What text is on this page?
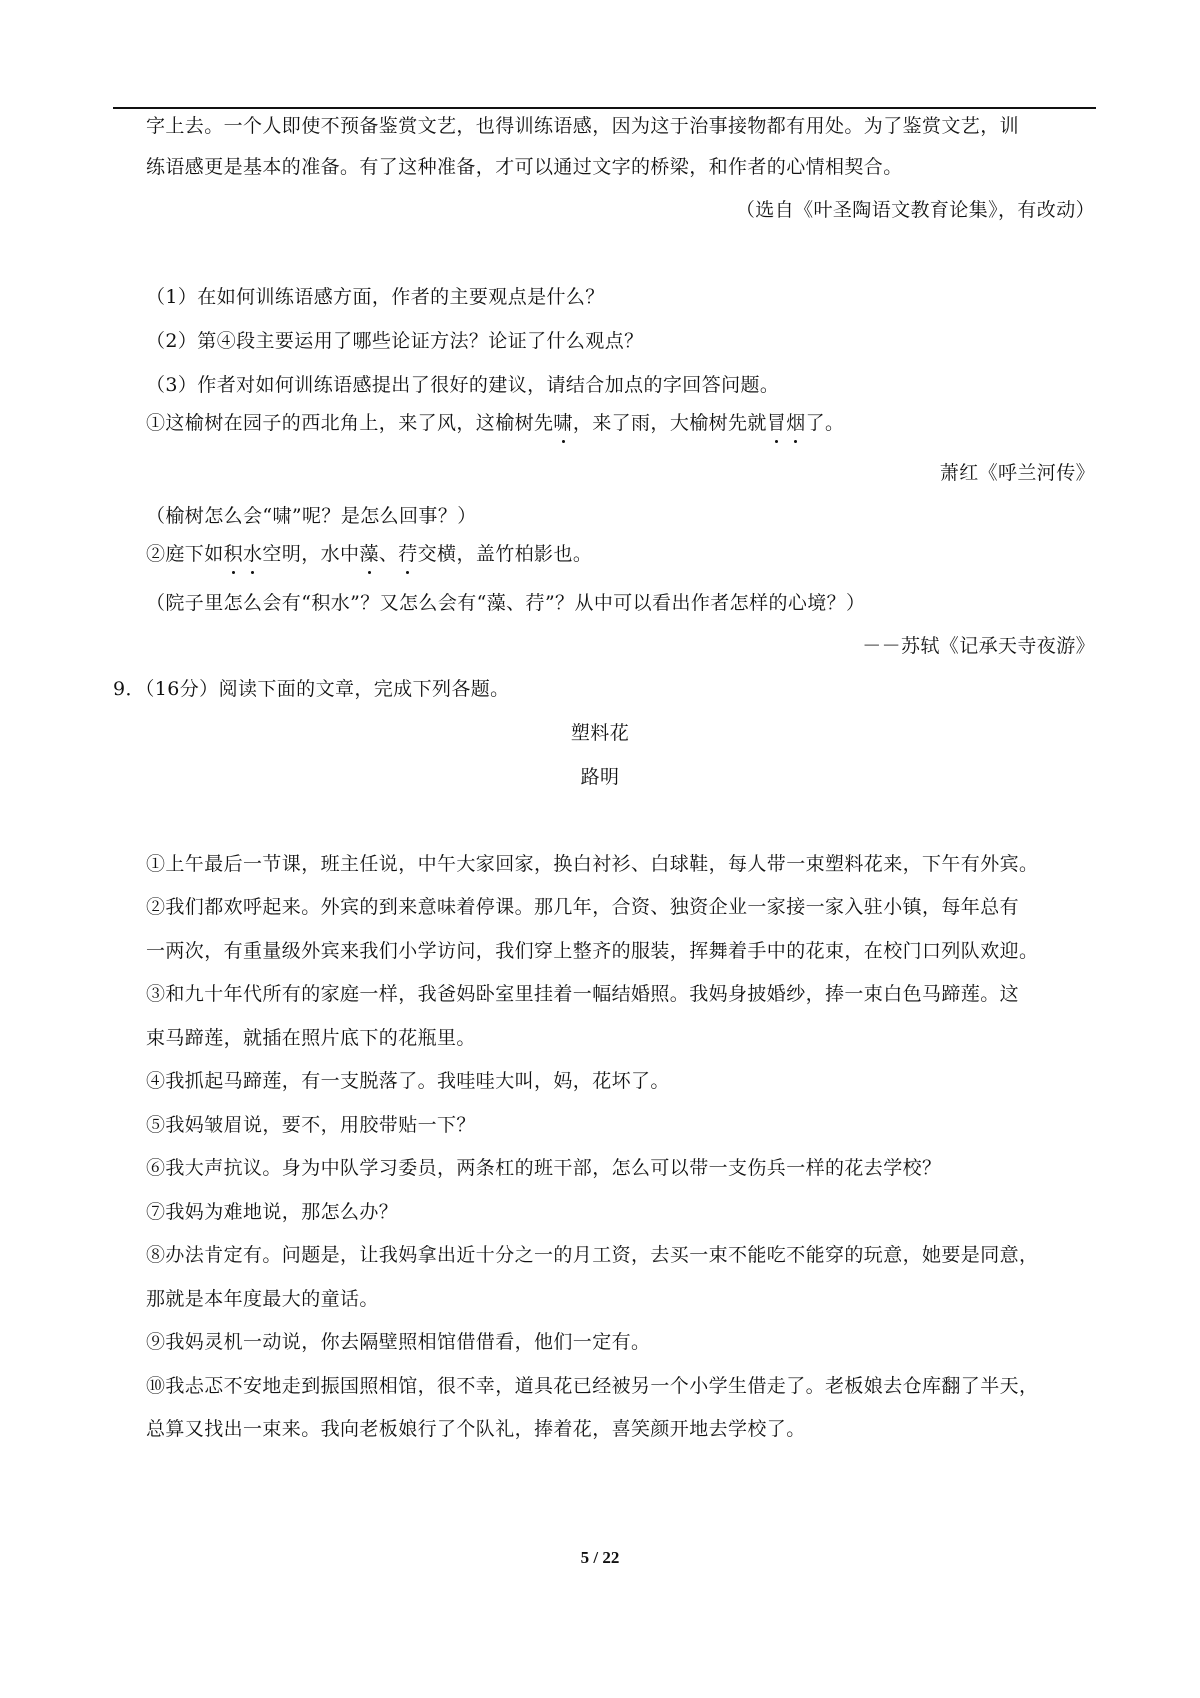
字上去。一个人即使不预备鉴赏文艺，也得训练语感，因为这于治事接物都有用处。为了鉴赏文艺，训
练语感更是基本的准备。有了这种准备，才可以通过文字的桥梁，和作者的心情相契合。
（选自《叶圣陶语文教育论集》，有改动）
（1）在如何训练语感方面，作者的主要观点是什么？
（2）第④段主要运用了哪些论证方法？论证了什么观点？
（3）作者对如何训练语感提出了很好的建议，请结合加点的字回答问题。
①这榆树在园子的西北角上，来了风，这榆树先啸，来了雨，大榆树先就冒烟了。
萧红《呼兰河传》
（榆树怎么会“啸”呢？是怎么回事？）
②庭下如积水空明，水中藻、荇交横，盖竹柏影也。
（院子里怎么会有“积水”？又怎么会有“藻、荇”？从中可以看出作者怎样的心境？）
－－苏轼《记承天寺夜游》
9．（16分）阅读下面的文章，完成下列各题。
塑料花
路明
①上午最后一节课，班主任说，中午大家回家，换白衬衫、白球鞋，每人带一束塑料花来，下午有外宾。
②我们都欢呼起来。外宾的到来意味着停课。那几年，合资、独资企业一家接一家入驻小镇，每年总有
一两次，有重量级外宾来我们小学访问，我们穿上整齐的服装，挥舞着手中的花束，在校门口列队欢迎。
③和九十年代所有的家庭一样，我爸妈卧室里挂着一幅结婚照。我妈身披婚纱，捧一束白色马蹄莲。这
束马蹄莲，就插在照片底下的花瓶里。
④我抓起马蹄莲，有一支脱落了。我哇哇大叫，妈，花坏了。
⑤我妈皱眉说，要不，用胶带贴一下？
⑥我大声抗议。身为中队学习委员，两条杠的班干部，怎么可以带一支伤兵一样的花去学校？
⑦我妈为难地说，那怎么办？
⑧办法肯定有。问题是，让我妈拿出近十分之一的月工资，去买一束不能吃不能穿的玩意，她要是同意，
那就是本年度最大的童话。
⑨我妈灵机一动说，你去隔壁照相馆借借看，他们一定有。
⑩我忐忑不安地走到振国照相馆，很不幸，道具花已经被另一个小学生借走了。老板娘去仓库翻了半天，
总算又找出一束来。我向老板娘行了个队礼，捧着花，喜笑颜开地去学校了。
5 / 22
